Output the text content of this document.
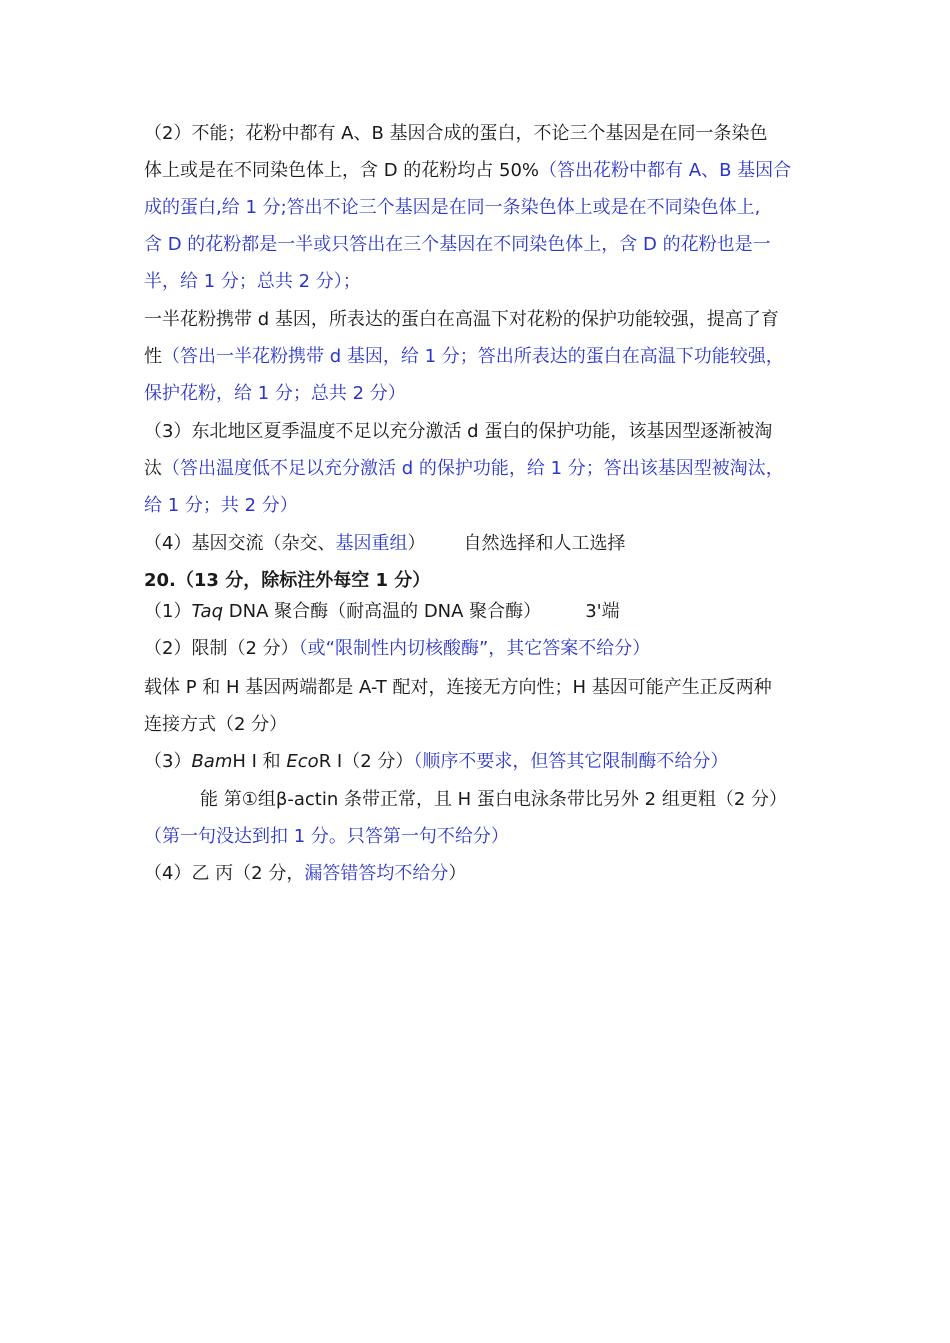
（2）不能；花粉中都有 A、B 基因合成的蛋白，不论三个基因是在同一条染色
体上或是在不同染色体上，含 D 的花粉均占 50%（答出花粉中都有 A、B 基因合
成的蛋白,给 1 分;答出不论三个基因是在同一条染色体上或是在不同染色体上,
含 D 的花粉都是一半或只答出在三个基因在不同染色体上，含 D 的花粉也是一
半，给 1 分；总共 2 分）；
一半花粉携带 d 基因，所表达的蛋白在高温下对花粉的保护功能较强，提高了育
性（答出一半花粉携带 d 基因，给 1 分；答出所表达的蛋白在高温下功能较强，
保护花粉，给 1 分；总共 2 分）
（3）东北地区夏季温度不足以充分激活 d 蛋白的保护功能，该基因型逐渐被淘
汰（答出温度低不足以充分激活 d 的保护功能，给 1 分；答出该基因型被淘汰，
给 1 分；共 2 分）
（4）基因交流（杂交、基因重组） 自然选择和人工选择
20.（13 分，除标注外每空 1 分）
（1）Taq DNA 聚合酶（耐高温的 DNA 聚合酶） 3'端
（2）限制（2 分）（或“限制性内切核酸酶”，其它答案不给分）
载体 P 和 H 基因两端都是 A-T 配对，连接无方向性；H 基因可能产生正反两种
连接方式（2 分）
（3）BamH I 和 EcoR I（2 分）（顺序不要求，但答其它限制酶不给分）
能 第①组β-actin 条带正常，且 H 蛋白电泳条带比另外 2 组更粗（2 分）
（第一句没达到扣 1 分。只答第一句不给分）
（4）乙 丙（2 分，漏答错答均不给分）
